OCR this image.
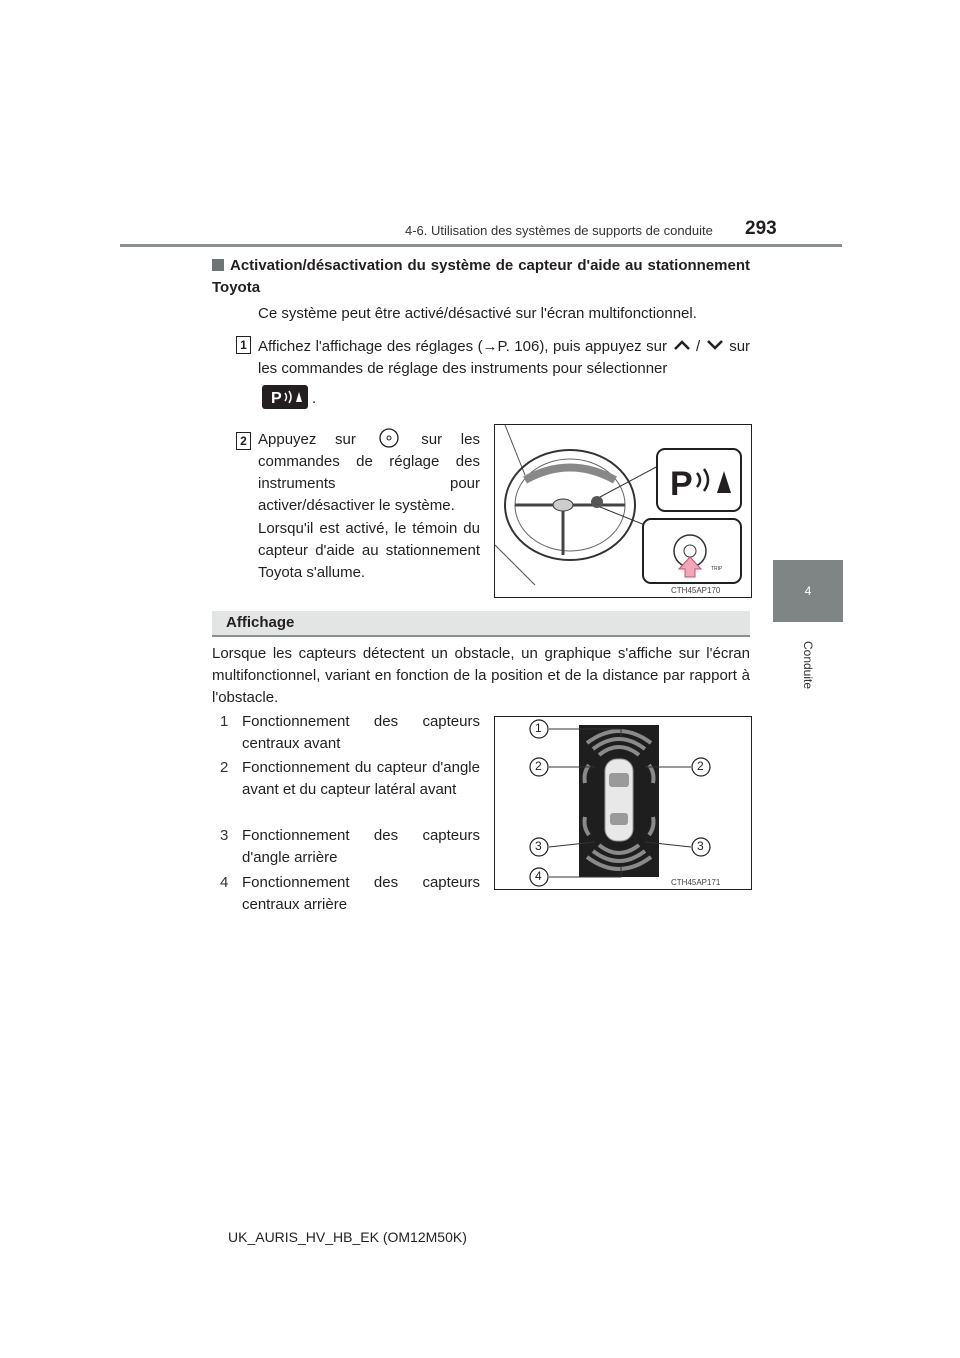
4-6. Utilisation des systèmes de supports de conduite 293
4
Conduite
Activation/désactivation du système de capteur d'aide au stationnement Toyota
Ce système peut être activé/désactivé sur l'écran multifonctionnel.
1 Affichez l'affichage des réglages (→P. 106), puis appuyez sur / sur les commandes de réglage des instruments pour sélectionner
P .
2 Appuyez sur	sur les commandes de réglage des instruments pour activer/désactiver le système.
Lorsqu'il est activé, le témoin du capteur d'aide au stationnement Toyota s'allume.
P
TRIP
CTH45AP170
Affichage
Lorsque les capteurs détectent un obstacle, un graphique s'affiche sur l'écran multifonctionnel, variant en fonction de la position et de la distance par rapport à l'obstacle.
1 Fonctionnement des capteurs centraux avant
2 Fonctionnement du capteur d'angle avant et du capteur latéral avant
3 Fonctionnement des capteurs d'angle arrière
4 Fonctionnement des capteurs centraux arrière
1
2	2
3	3
4	CTH45AP171
UK_AURIS_HV_HB_EK (OM12M50K)
